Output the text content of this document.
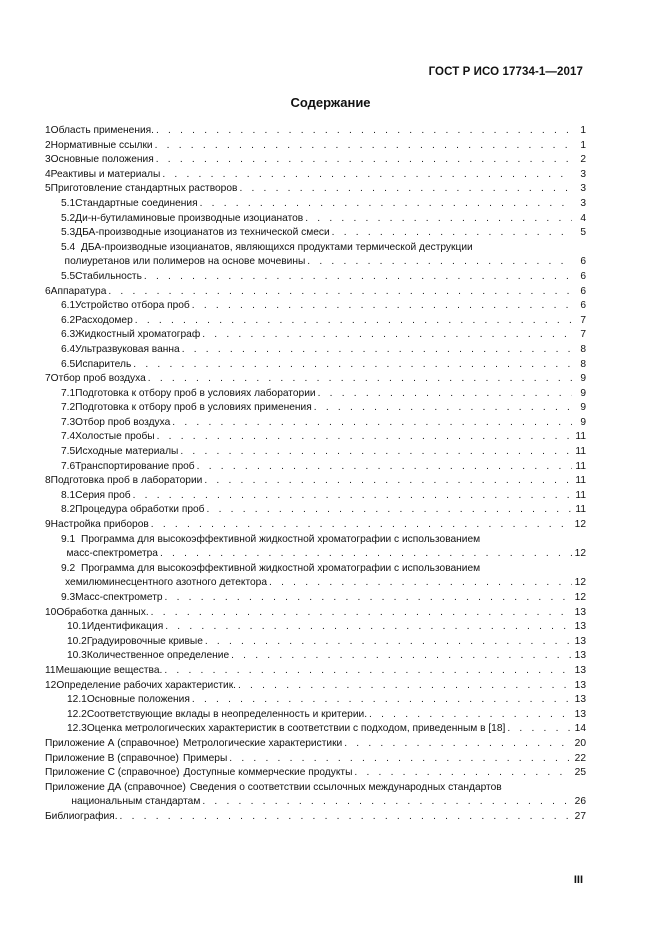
ГОСТ Р ИСО 17734-1—2017
Содержание
1 Область применения. . . .	1
2 Нормативные ссылки . . .	1
3 Основные положения . . .	2
4 Реактивы и материалы . . .	3
5 Приготовление стандартных растворов . . .	3
5.1 Стандартные соединения . . .	3
5.2 Ди-н-бутиламиновые производные изоцианатов . . .	4
5.3 ДБА-производные изоцианатов из технической смеси . . .	5
5.4 ДБА-производные изоцианатов, являющихся продуктами термической деструкции
полиуретанов или полимеров на основе мочевины . . .	6
5.5 Стабильность . . .	6
6 Аппаратура . . .	6
6.1 Устройство отбора проб . . .	6
6.2 Расходомер . . .	7
6.3 Жидкостный хроматограф . . .	7
6.4 Ультразвуковая ванна . . .	8
6.5 Испаритель . . .	8
7 Отбор проб воздуха . . .	9
7.1 Подготовка к отбору проб в условиях лаборатории . . .	9
7.2 Подготовка к отбору проб в условиях применения . . .	9
7.3 Отбор проб воздуха . . .	9
7.4 Холостые пробы . . .	11
7.5 Исходные материалы . . .	11
7.6 Транспортирование проб . . .	11
8 Подготовка проб в лаборатории . . .	11
8.1 Серия проб . . .	11
8.2 Процедура обработки проб . . .	11
9 Настройка приборов . . .	12
9.1 Программа для высокоэффективной жидкостной хроматографии с использованием
масс-спектрометра . . .	12
9.2 Программа для высокоэффективной жидкостной хроматографии с использованием
хемилюминесцентного азотного детектора . . .	12
9.3 Масс-спектрометр . . .	12
10 Обработка данных. . . .	13
10.1 Идентификация . . .	13
10.2 Градуировочные кривые . . .	13
10.3 Количественное определение . . .	13
11 Мешающие вещества. . . .	13
12 Определение рабочих характеристик. . . .	13
12.1 Основные положения . . .	13
12.2 Соответствующие вклады в неопределенность и критерии. . . .	13
12.3 Оценка метрологических характеристик в соответствии с подходом, приведенным в [18] . . .	14
Приложение А (справочное) Метрологические характеристики . . .	20
Приложение В (справочное) Примеры . . .	22
Приложение С (справочное) Доступные коммерческие продукты . . .	25
Приложение ДА (справочное) Сведения о соответствии ссылочных международных стандартов
национальным стандартам . . .	26
Библиография. . . .	27
III
